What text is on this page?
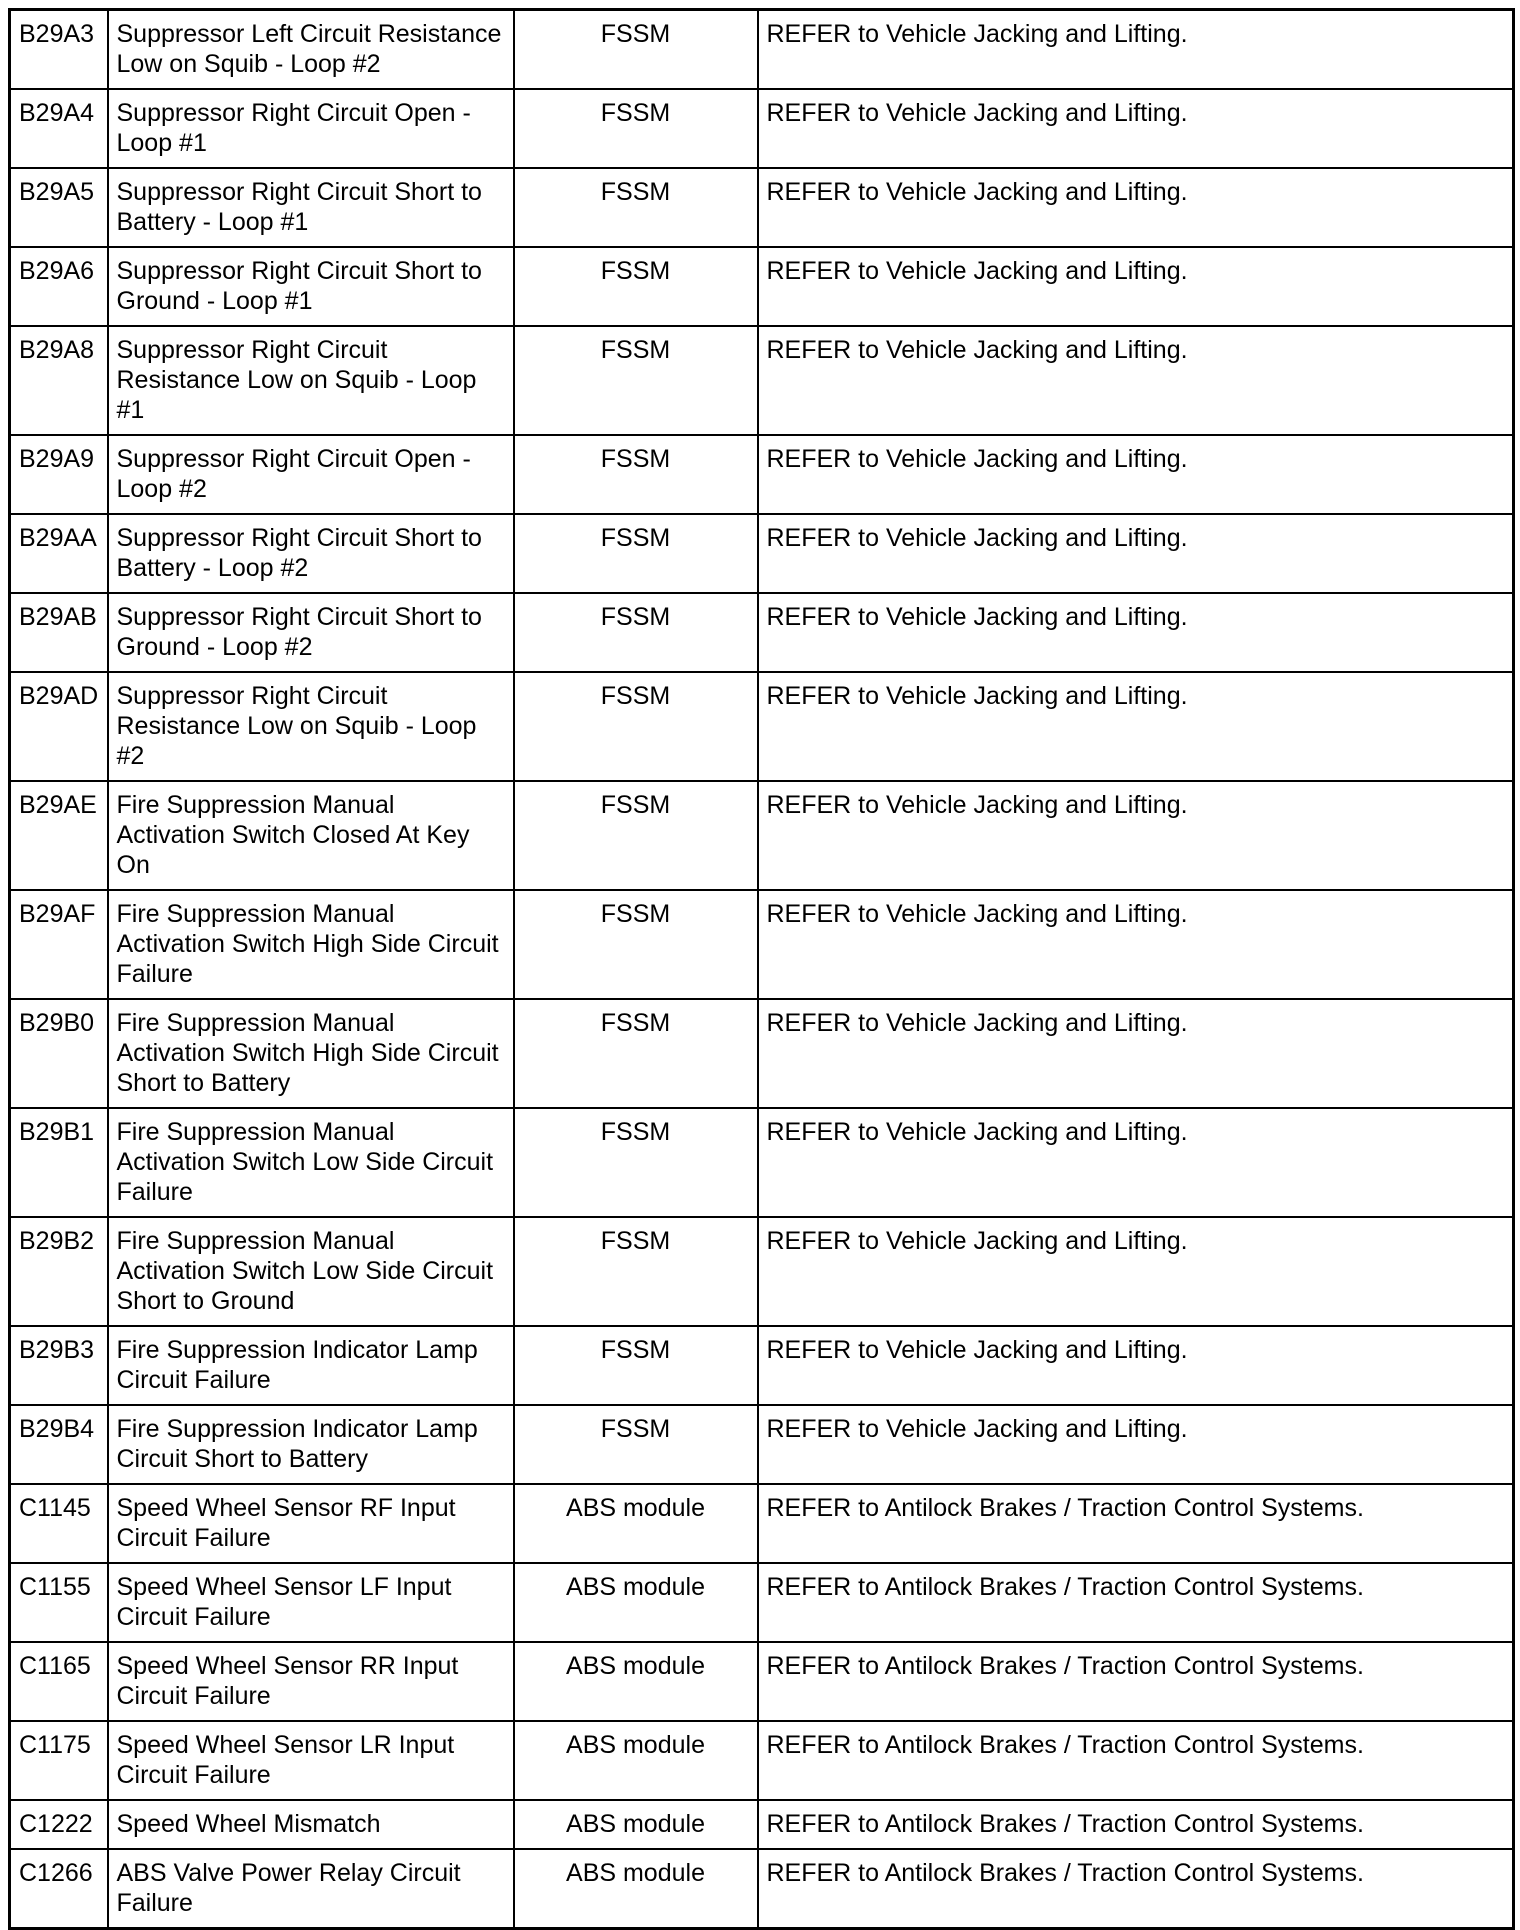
B29A3	Suppressor Left Circuit Resistance
Low on Squib - Loop #2	FSSM	REFER to Vehicle Jacking and Lifting.
B29A4	Suppressor Right Circuit Open -
Loop #1	FSSM	REFER to Vehicle Jacking and Lifting.
B29A5	Suppressor Right Circuit Short to
Battery - Loop #1	FSSM	REFER to Vehicle Jacking and Lifting.
B29A6	Suppressor Right Circuit Short to
Ground - Loop #1	FSSM	REFER to Vehicle Jacking and Lifting.
B29A8	Suppressor Right Circuit
Resistance Low on Squib - Loop
#1	FSSM	REFER to Vehicle Jacking and Lifting.
B29A9	Suppressor Right Circuit Open -
Loop #2	FSSM	REFER to Vehicle Jacking and Lifting.
B29AA	Suppressor Right Circuit Short to
Battery - Loop #2	FSSM	REFER to Vehicle Jacking and Lifting.
B29AB	Suppressor Right Circuit Short to
Ground - Loop #2	FSSM	REFER to Vehicle Jacking and Lifting.
B29AD	Suppressor Right Circuit
Resistance Low on Squib - Loop
#2	FSSM	REFER to Vehicle Jacking and Lifting.
B29AE	Fire Suppression Manual
Activation Switch Closed At Key
On	FSSM	REFER to Vehicle Jacking and Lifting.
B29AF	Fire Suppression Manual
Activation Switch High Side Circuit
Failure	FSSM	REFER to Vehicle Jacking and Lifting.
B29B0	Fire Suppression Manual
Activation Switch High Side Circuit
Short to Battery	FSSM	REFER to Vehicle Jacking and Lifting.
B29B1	Fire Suppression Manual
Activation Switch Low Side Circuit
Failure	FSSM	REFER to Vehicle Jacking and Lifting.
B29B2	Fire Suppression Manual
Activation Switch Low Side Circuit
Short to Ground	FSSM	REFER to Vehicle Jacking and Lifting.
B29B3	Fire Suppression Indicator Lamp
Circuit Failure	FSSM	REFER to Vehicle Jacking and Lifting.
B29B4	Fire Suppression Indicator Lamp
Circuit Short to Battery	FSSM	REFER to Vehicle Jacking and Lifting.
C1145	Speed Wheel Sensor RF Input
Circuit Failure	ABS module	REFER to Antilock Brakes / Traction Control Systems.
C1155	Speed Wheel Sensor LF Input
Circuit Failure	ABS module	REFER to Antilock Brakes / Traction Control Systems.
C1165	Speed Wheel Sensor RR Input
Circuit Failure	ABS module	REFER to Antilock Brakes / Traction Control Systems.
C1175	Speed Wheel Sensor LR Input
Circuit Failure	ABS module	REFER to Antilock Brakes / Traction Control Systems.
C1222	Speed Wheel Mismatch	ABS module	REFER to Antilock Brakes / Traction Control Systems.
C1266	ABS Valve Power Relay Circuit
Failure	ABS module	REFER to Antilock Brakes / Traction Control Systems.
